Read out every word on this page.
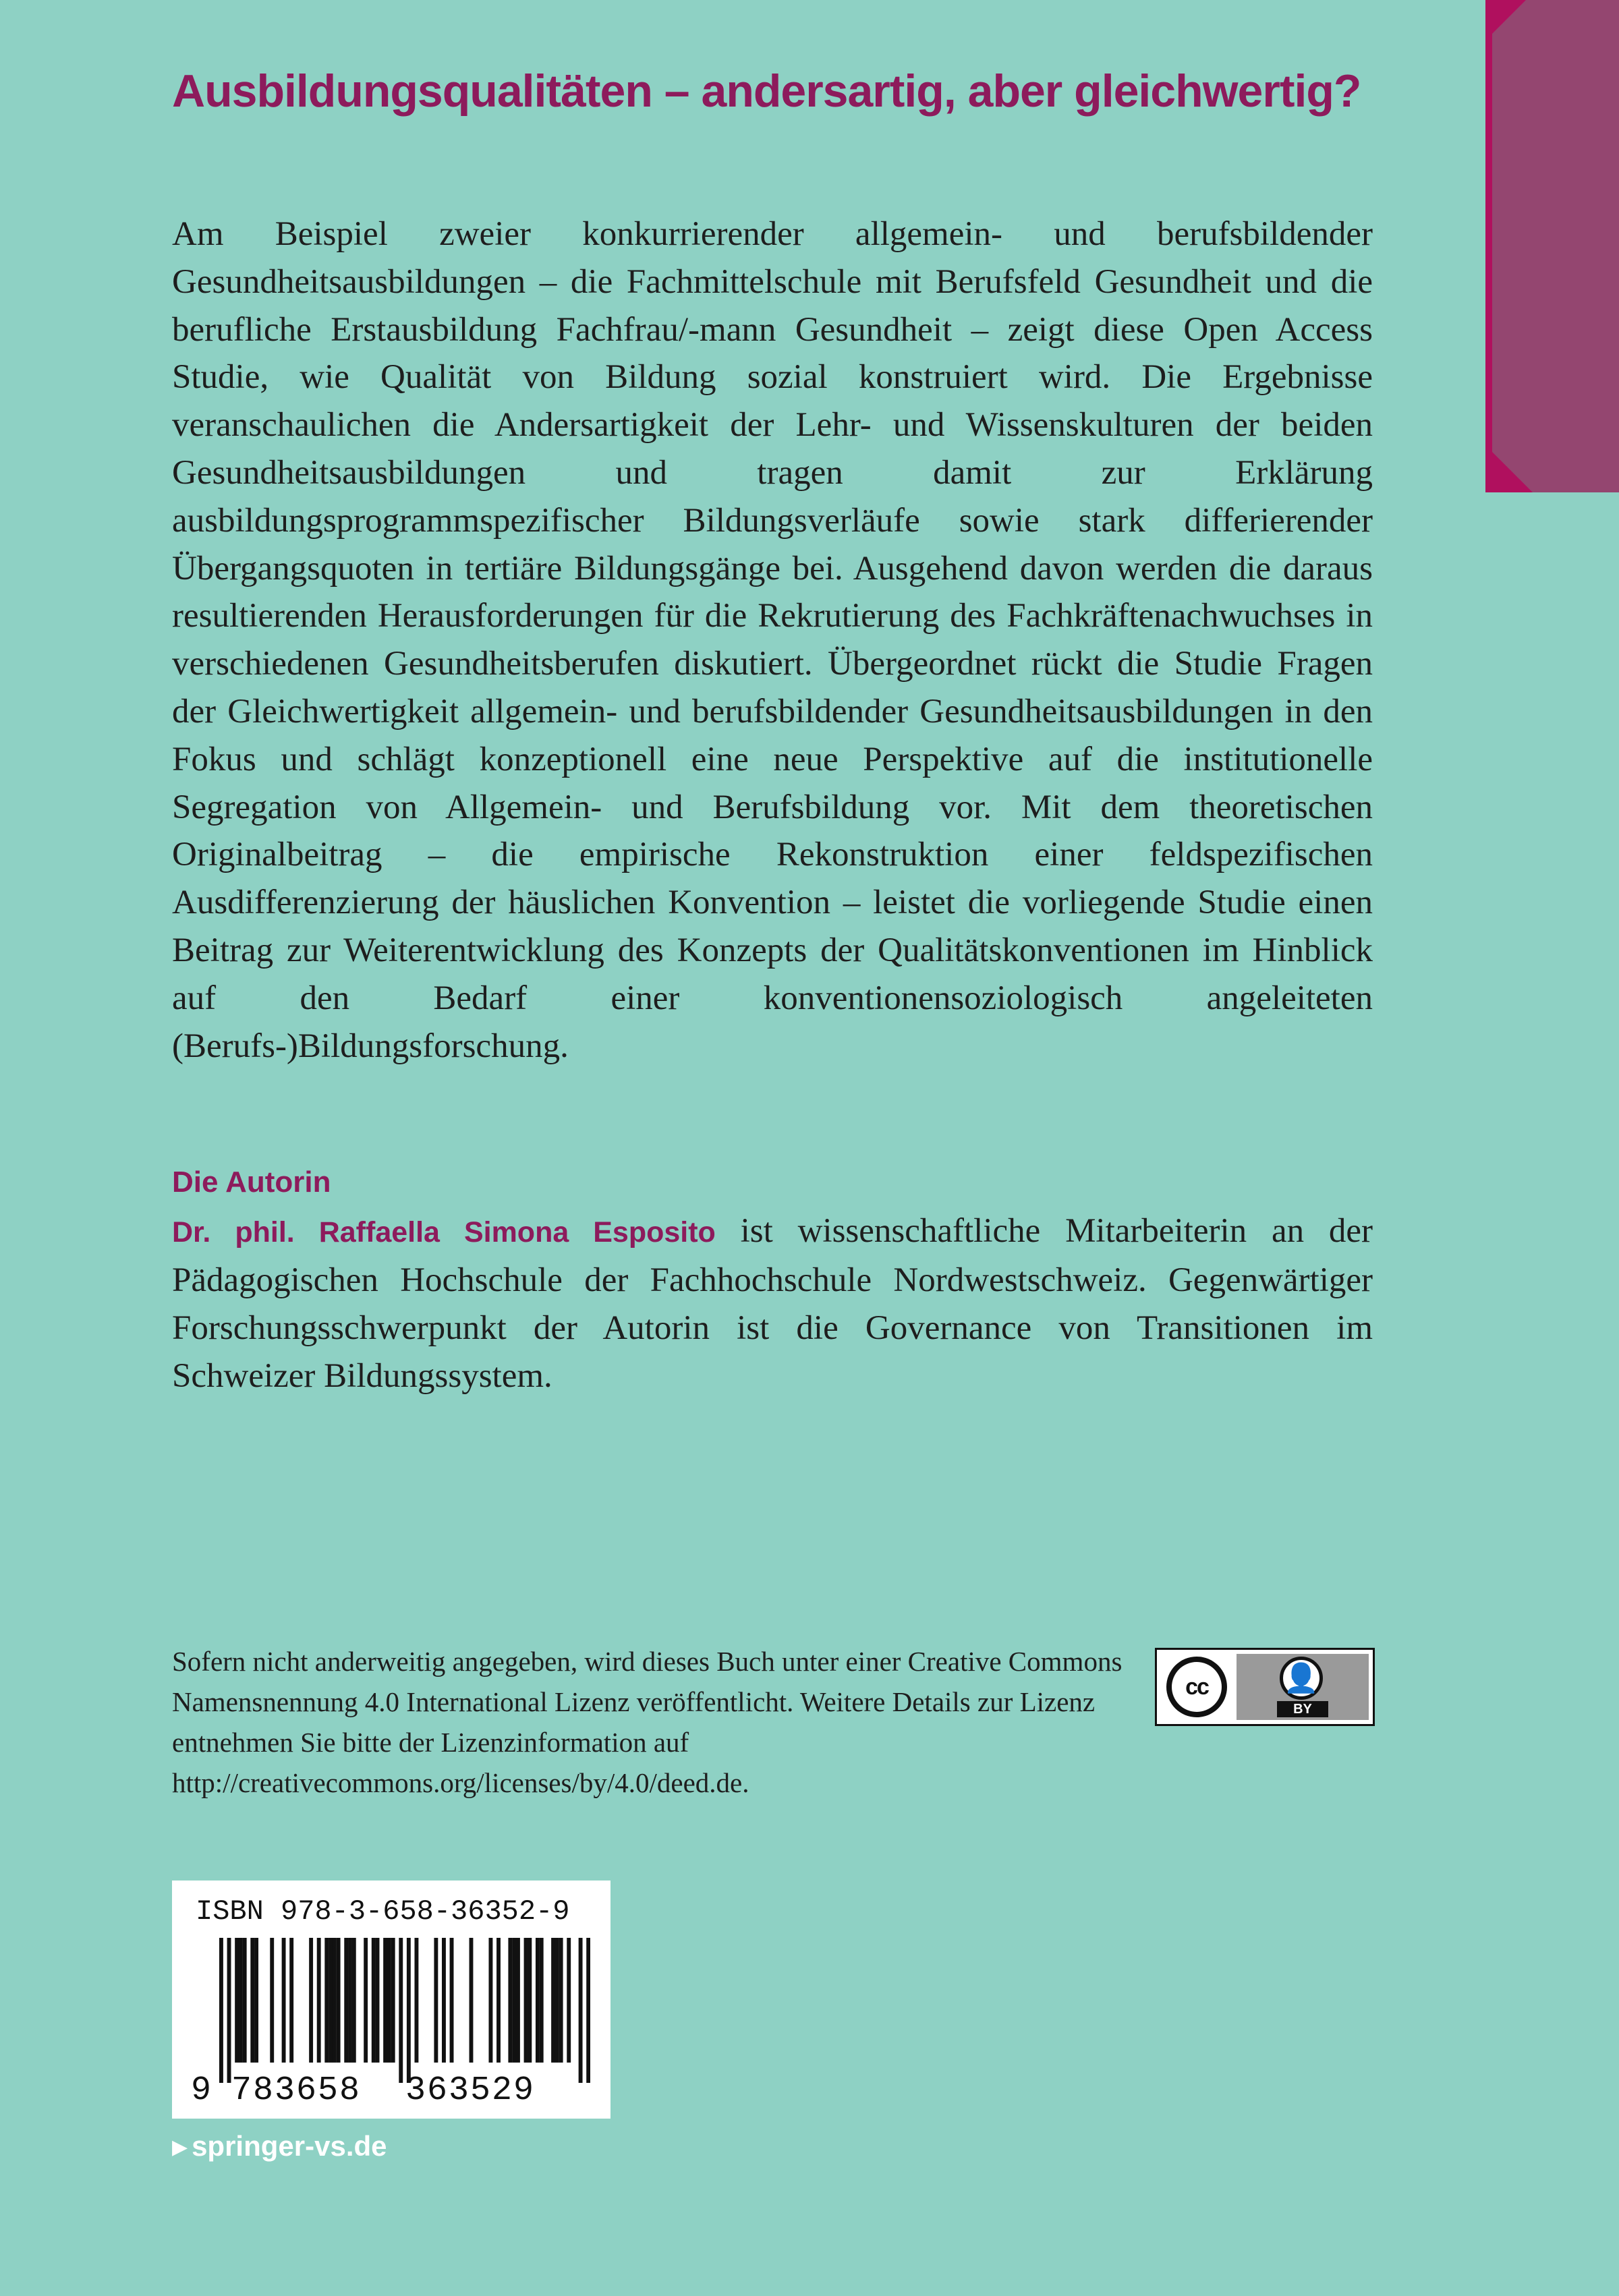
Ausbildungsqualitäten – andersartig, aber gleichwertig?

Am Beispiel zweier konkurrierender allgemein- und berufsbildender Gesundheitsausbildungen – die Fachmittelschule mit Berufsfeld Gesundheit und die berufliche Erstausbildung Fachfrau/-mann Gesundheit – zeigt diese Open Access Studie, wie Qualität von Bildung sozial konstruiert wird. Die Ergebnisse veranschaulichen die Andersartigkeit der Lehr- und Wissenskulturen der beiden Gesundheitsausbildungen und tragen damit zur Erklärung ausbildungsprogrammspezifischer Bildungsverläufe sowie stark differierender Übergangsquoten in tertiäre Bildungsgänge bei. Ausgehend davon werden die daraus resultierenden Herausforderungen für die Rekrutierung des Fachkräftenachwuchses in verschiedenen Gesundheitsberufen diskutiert. Übergeordnet rückt die Studie Fragen der Gleichwertigkeit allgemein- und berufsbildender Gesundheitsausbildungen in den Fokus und schlägt konzeptionell eine neue Perspektive auf die institutionelle Segregation von Allgemein- und Berufsbildung vor. Mit dem theoretischen Originalbeitrag – die empirische Rekonstruktion einer feldspezifischen Ausdifferenzierung der häuslichen Konvention – leistet die vorliegende Studie einen Beitrag zur Weiterentwicklung des Konzepts der Qualitätskonventionen im Hinblick auf den Bedarf einer konventionensoziologisch angeleiteten (Berufs-)Bildungsforschung.

Die Autorin

Dr. phil. Raffaella Simona Esposito ist wissenschaftliche Mitarbeiterin an der Pädagogischen Hochschule der Fachhochschule Nordwestschweiz. Gegenwärtiger Forschungsschwerpunkt der Autorin ist die Governance von Transitionen im Schweizer Bildungssystem.

Sofern nicht anderweitig angegeben, wird dieses Buch unter einer Creative Commons Namensnennung 4.0 International Lizenz veröffentlicht. Weitere Details zur Lizenz entnehmen Sie bitte der Lizenzinformation auf http://creativecommons.org/licenses/by/4.0/deed.de.

cc	👤
BY

ISBN 978-3-658-36352-9

9 783658 363529
▶ springer-vs.de
